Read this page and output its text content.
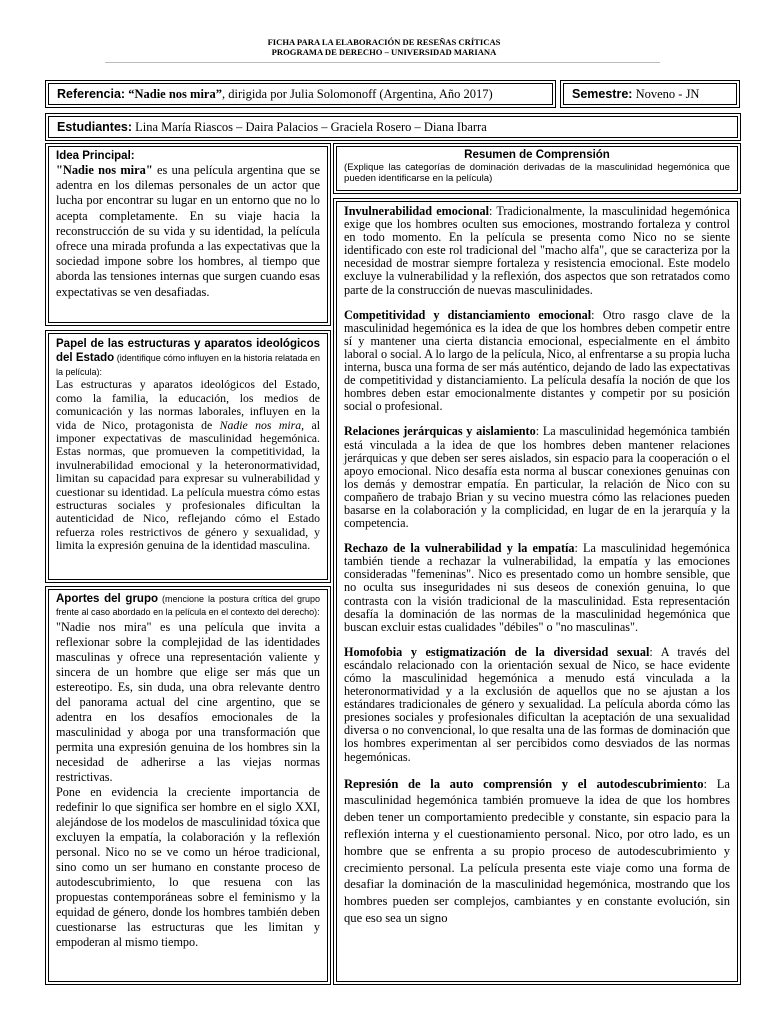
FICHA PARA LA ELABORACIÓN DE RESEÑAS CRÍTICAS
PROGRAMA DE DERECHO – UNIVERSIDAD MARIANA
Referencia: “Nadie nos mira”, dirigida por Julia Solomonoff (Argentina, Año 2017)	Semestre: Noveno - JN
Estudiantes: Lina María Riascos – Daira Palacios – Graciela Rosero – Diana Ibarra
Idea Principal:

"Nadie nos mira" es una película argentina que se adentra en los dilemas personales de un actor que lucha por encontrar su lugar en un entorno que no lo acepta completamente. En su viaje hacia la reconstrucción de su vida y su identidad, la película ofrece una mirada profunda a las expectativas que la sociedad impone sobre los hombres, al tiempo que aborda las tensiones internas que surgen cuando esas expectativas se ven desafiadas.

Papel de las estructuras y aparatos ideológicos del Estado (identifique cómo influyen en la historia relatada en la película):

Las estructuras y aparatos ideológicos del Estado, como la familia, la educación, los medios de comunicación y las normas laborales, influyen en la vida de Nico, protagonista de Nadie nos mira, al imponer expectativas de masculinidad hegemónica. Estas normas, que promueven la competitividad, la invulnerabilidad emocional y la heteronormatividad, limitan su capacidad para expresar su vulnerabilidad y cuestionar su identidad. La película muestra cómo estas estructuras sociales y profesionales dificultan la autenticidad de Nico, reflejando cómo el Estado refuerza roles restrictivos de género y sexualidad, y limita la expresión genuina de la identidad masculina.

Aportes del grupo (mencione la postura crítica del grupo frente al caso abordado en la película en el contexto del derecho):

"Nadie nos mira" es una película que invita a reflexionar sobre la complejidad de las identidades masculinas y ofrece una representación valiente y sincera de un hombre que elige ser más que un estereotipo. Es, sin duda, una obra relevante dentro del panorama actual del cine argentino, que se adentra en los desafíos emocionales de la masculinidad y aboga por una transformación que permita una expresión genuina de los hombres sin la necesidad de adherirse a las viejas normas restrictivas.

Pone en evidencia la creciente importancia de redefinir lo que significa ser hombre en el siglo XXI, alejándose de los modelos de masculinidad tóxica que excluyen la empatía, la colaboración y la reflexión personal. Nico no se ve como un héroe tradicional, sino como un ser humano en constante proceso de autodescubrimiento, lo que resuena con las propuestas contemporáneas sobre el feminismo y la equidad de género, donde los hombres también deben cuestionarse las estructuras que les limitan y empoderan al mismo tiempo.

Resumen de Comprensión
(Explique las categorías de dominación derivadas de la masculinidad hegemónica que pueden identificarse en la película)

Invulnerabilidad emocional: Tradicionalmente, la masculinidad hegemónica exige que los hombres oculten sus emociones, mostrando fortaleza y control en todo momento. En la película se presenta como Nico no se siente identificado con este rol tradicional del "macho alfa", que se caracteriza por la necesidad de mostrar siempre fortaleza y resistencia emocional. Este modelo excluye la vulnerabilidad y la reflexión, dos aspectos que son retratados como parte de la construcción de nuevas masculinidades.

Competitividad y distanciamiento emocional: Otro rasgo clave de la masculinidad hegemónica es la idea de que los hombres deben competir entre sí y mantener una cierta distancia emocional, especialmente en el ámbito laboral o social. A lo largo de la película, Nico, al enfrentarse a su propia lucha interna, busca una forma de ser más auténtico, dejando de lado las expectativas de competitividad y distanciamiento. La película desafía la noción de que los hombres deben estar emocionalmente distantes y competir por su posición social o profesional.

Relaciones jerárquicas y aislamiento: La masculinidad hegemónica también está vinculada a la idea de que los hombres deben mantener relaciones jerárquicas y que deben ser seres aislados, sin espacio para la cooperación o el apoyo emocional. Nico desafía esta norma al buscar conexiones genuinas con los demás y demostrar empatía. En particular, la relación de Nico con su compañero de trabajo Brian y su vecino muestra cómo las relaciones pueden basarse en la colaboración y la complicidad, en lugar de en la jerarquía y la competencia.

Rechazo de la vulnerabilidad y la empatía: La masculinidad hegemónica también tiende a rechazar la vulnerabilidad, la empatía y las emociones consideradas "femeninas". Nico es presentado como un hombre sensible, que no oculta sus inseguridades ni sus deseos de conexión genuina, lo que contrasta con la visión tradicional de la masculinidad. Esta representación desafía la dominación de las normas de la masculinidad hegemónica que buscan excluir estas cualidades "débiles" o "no masculinas".

Homofobia y estigmatización de la diversidad sexual: A través del escándalo relacionado con la orientación sexual de Nico, se hace evidente cómo la masculinidad hegemónica a menudo está vinculada a la heteronormatividad y a la exclusión de aquellos que no se ajustan a los estándares tradicionales de género y sexualidad. La película aborda cómo las presiones sociales y profesionales dificultan la aceptación de una sexualidad diversa o no convencional, lo que resalta una de las formas de dominación que los hombres experimentan al ser percibidos como desviados de las normas hegemónicas.

Represión de la auto comprensión y el autodescubrimiento: La masculinidad hegemónica también promueve la idea de que los hombres deben tener un comportamiento predecible y constante, sin espacio para la reflexión interna y el cuestionamiento personal. Nico, por otro lado, es un hombre que se enfrenta a su propio proceso de autodescubrimiento y crecimiento personal. La película presenta este viaje como una forma de desafiar la dominación de la masculinidad hegemónica, mostrando que los hombres pueden ser complejos, cambiantes y en constante evolución, sin que eso sea un signo
